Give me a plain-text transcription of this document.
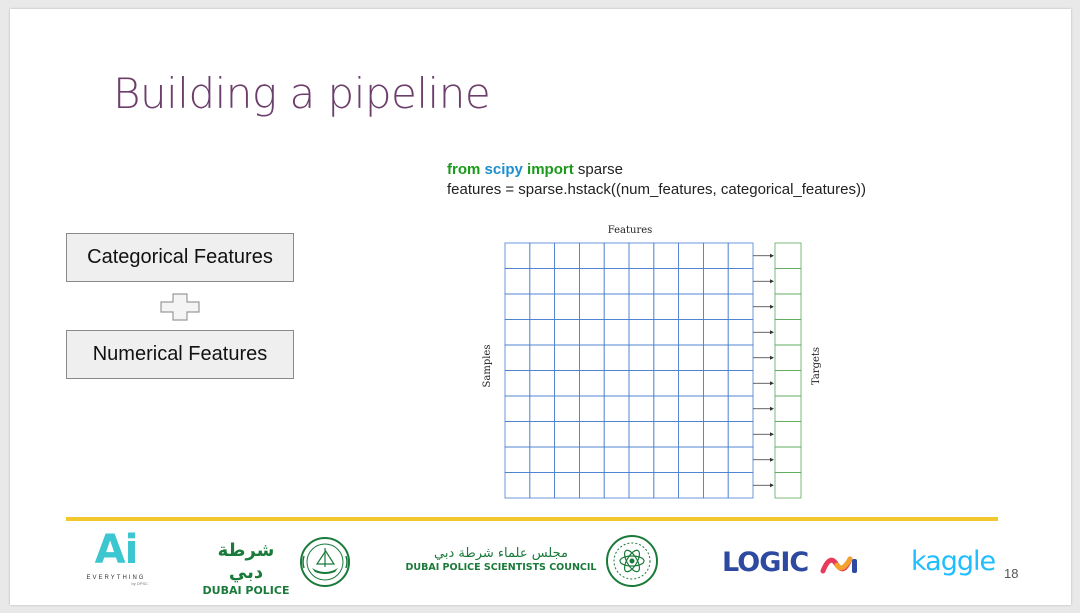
Building a pipeline
from scipy import sparse
features = sparse.hstack((num_features, categorical_features))
Categorical Features
Numerical Features
Features
Samples	Targets
Ai
EVERYTHING
by DPSC
شرطة دبي
DUBAI POLICE
مجلس علماء شرطة دبي
DUBAI POLICE SCIENTISTS COUNCIL	LOGIC	kaggle 18
